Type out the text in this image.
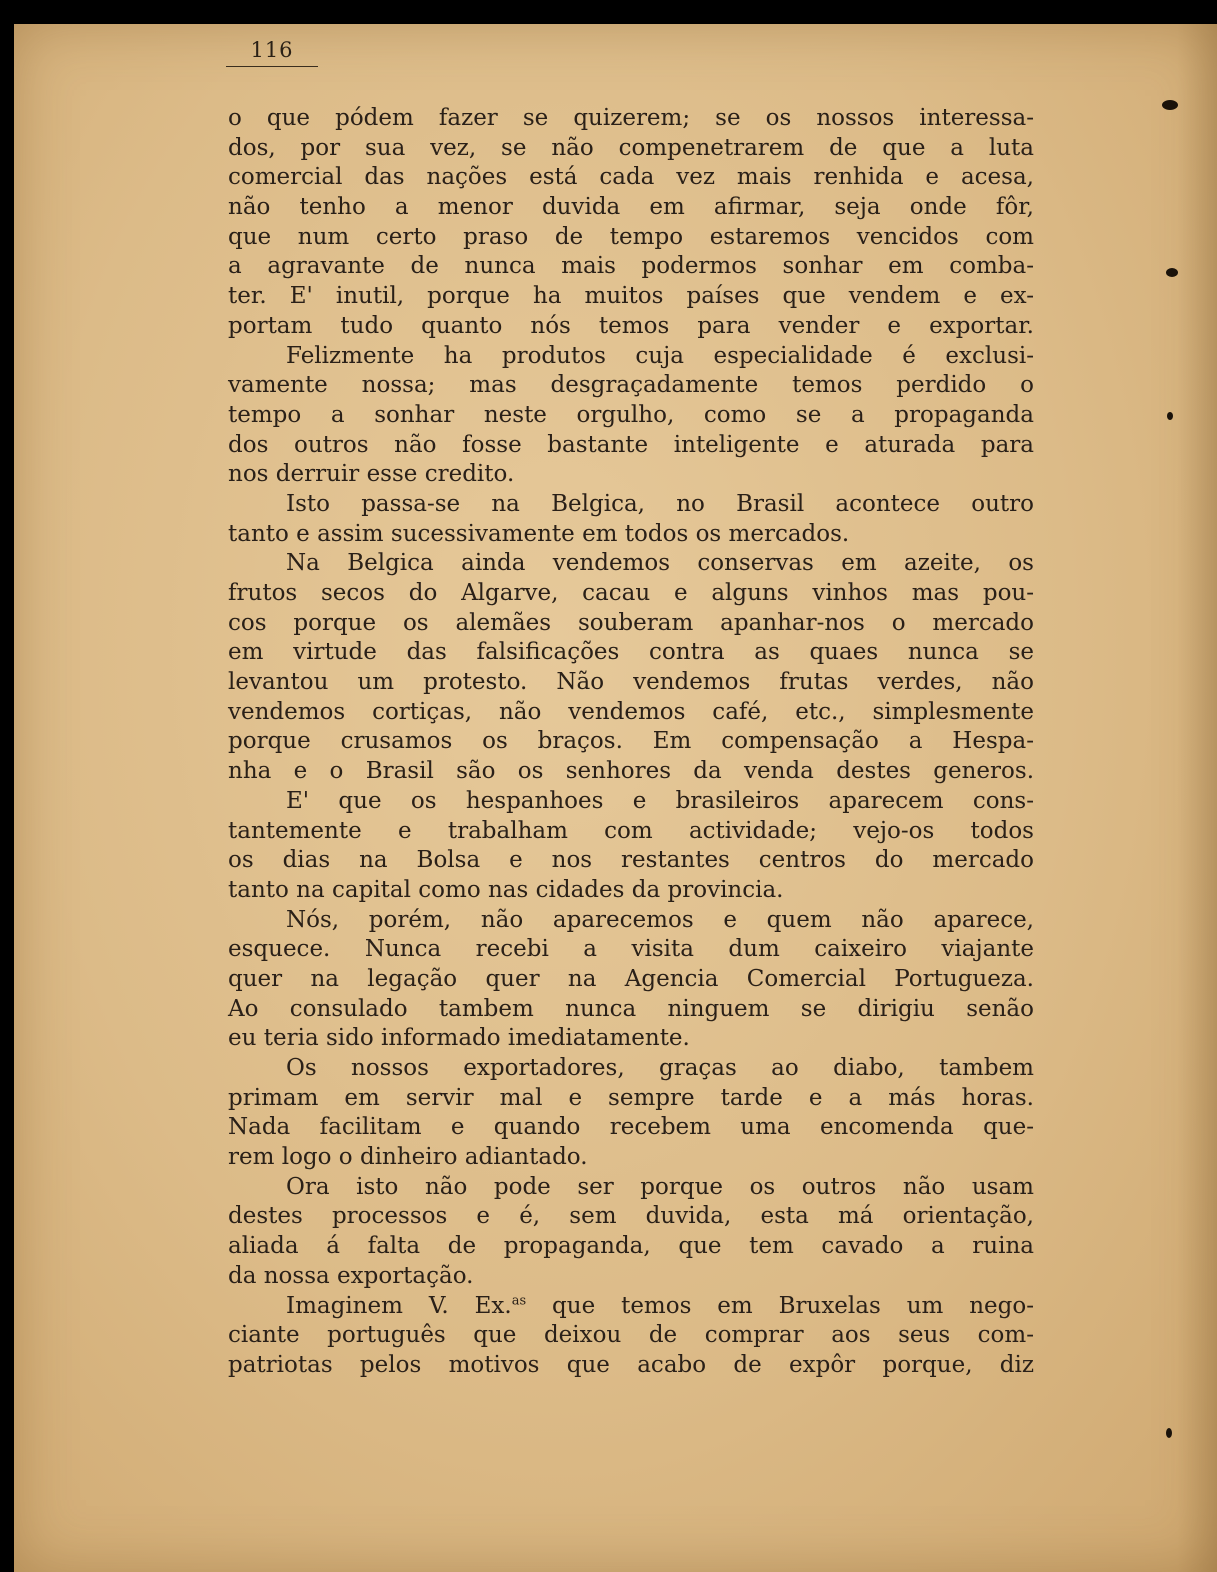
116
o que pódem fazer se quizerem; se os nossos interessa-
dos, por sua vez, se não compenetrarem de que a luta
comercial das nações está cada vez mais renhida e acesa,
não tenho a menor duvida em afirmar, seja onde fôr,
que num certo praso de tempo estaremos vencidos com
a agravante de nunca mais podermos sonhar em comba-
ter. E' inutil, porque ha muitos países que vendem e ex-
portam tudo quanto nós temos para vender e exportar.
Felizmente ha produtos cuja especialidade é exclusi-
vamente nossa; mas desgraçadamente temos perdido o
tempo a sonhar neste orgulho, como se a propaganda
dos outros não fosse bastante inteligente e aturada para
nos derruir esse credito.
Isto passa-se na Belgica, no Brasil acontece outro
tanto e assim sucessivamente em todos os mercados.
Na Belgica ainda vendemos conservas em azeite, os
frutos secos do Algarve, cacau e alguns vinhos mas pou-
cos porque os alemães souberam apanhar-nos o mercado
em virtude das falsificações contra as quaes nunca se
levantou um protesto. Não vendemos frutas verdes, não
vendemos cortiças, não vendemos café, etc., simplesmente
porque crusamos os braços. Em compensação a Hespa-
nha e o Brasil são os senhores da venda destes generos.
E' que os hespanhoes e brasileiros aparecem cons-
tantemente e trabalham com actividade; vejo-os todos
os dias na Bolsa e nos restantes centros do mercado
tanto na capital como nas cidades da provincia.
Nós, porém, não aparecemos e quem não aparece,
esquece. Nunca recebi a visita dum caixeiro viajante
quer na legação quer na Agencia Comercial Portugueza.
Ao consulado tambem nunca ninguem se dirigiu senão
eu teria sido informado imediatamente.
Os nossos exportadores, graças ao diabo, tambem
primam em servir mal e sempre tarde e a más horas.
Nada facilitam e quando recebem uma encomenda que-
rem logo o dinheiro adiantado.
Ora isto não pode ser porque os outros não usam
destes processos e é, sem duvida, esta má orientação,
aliada á falta de propaganda, que tem cavado a ruina
da nossa exportação.
Imaginem V. Ex.$^{as}$ que temos em Bruxelas um nego-
ciante português que deixou de comprar aos seus com-
patriotas pelos motivos que acabo de expôr porque, diz
